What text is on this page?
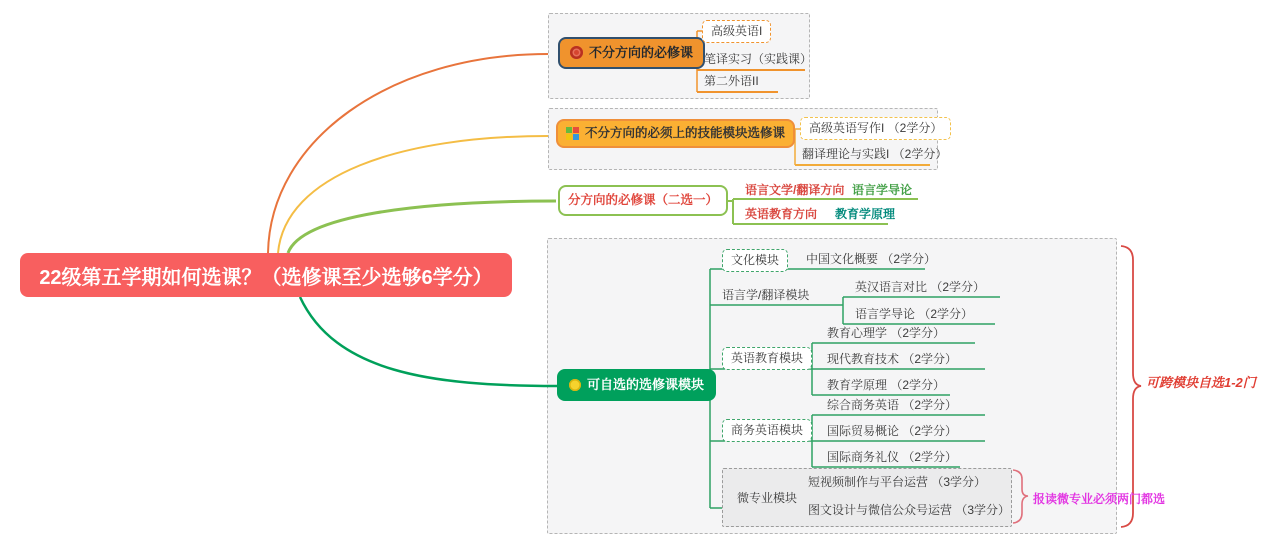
22级第五学期如何选课？（选修课至少选够6学分）
不分方向的必修课
高级英语I
笔译实习（实践课）
第二外语II
不分方向的必须上的技能模块选修课	高级英语写作I （2学分）
翻译理论与实践I （2学分）
分方向的必修课（二选一）
语言文学/翻译方向 语言学导论
英语教育方向 教育学原理
可自选的选修课模块
文化模块	中国文化概要 （2学分）
语言学/翻译模块
英汉语言对比 （2学分）
语言学导论 （2学分）
英语教育模块
教育心理学 （2学分）
现代教育技术 （2学分）
教育学原理 （2学分）
商务英语模块
综合商务英语 （2学分）
国际贸易概论 （2学分）
国际商务礼仪 （2学分）
微专业模块
短视频制作与平台运营 （3学分）
图文设计与微信公众号运营 （3学分）
报读微专业必须两门都选
可跨模块自选1-2门
